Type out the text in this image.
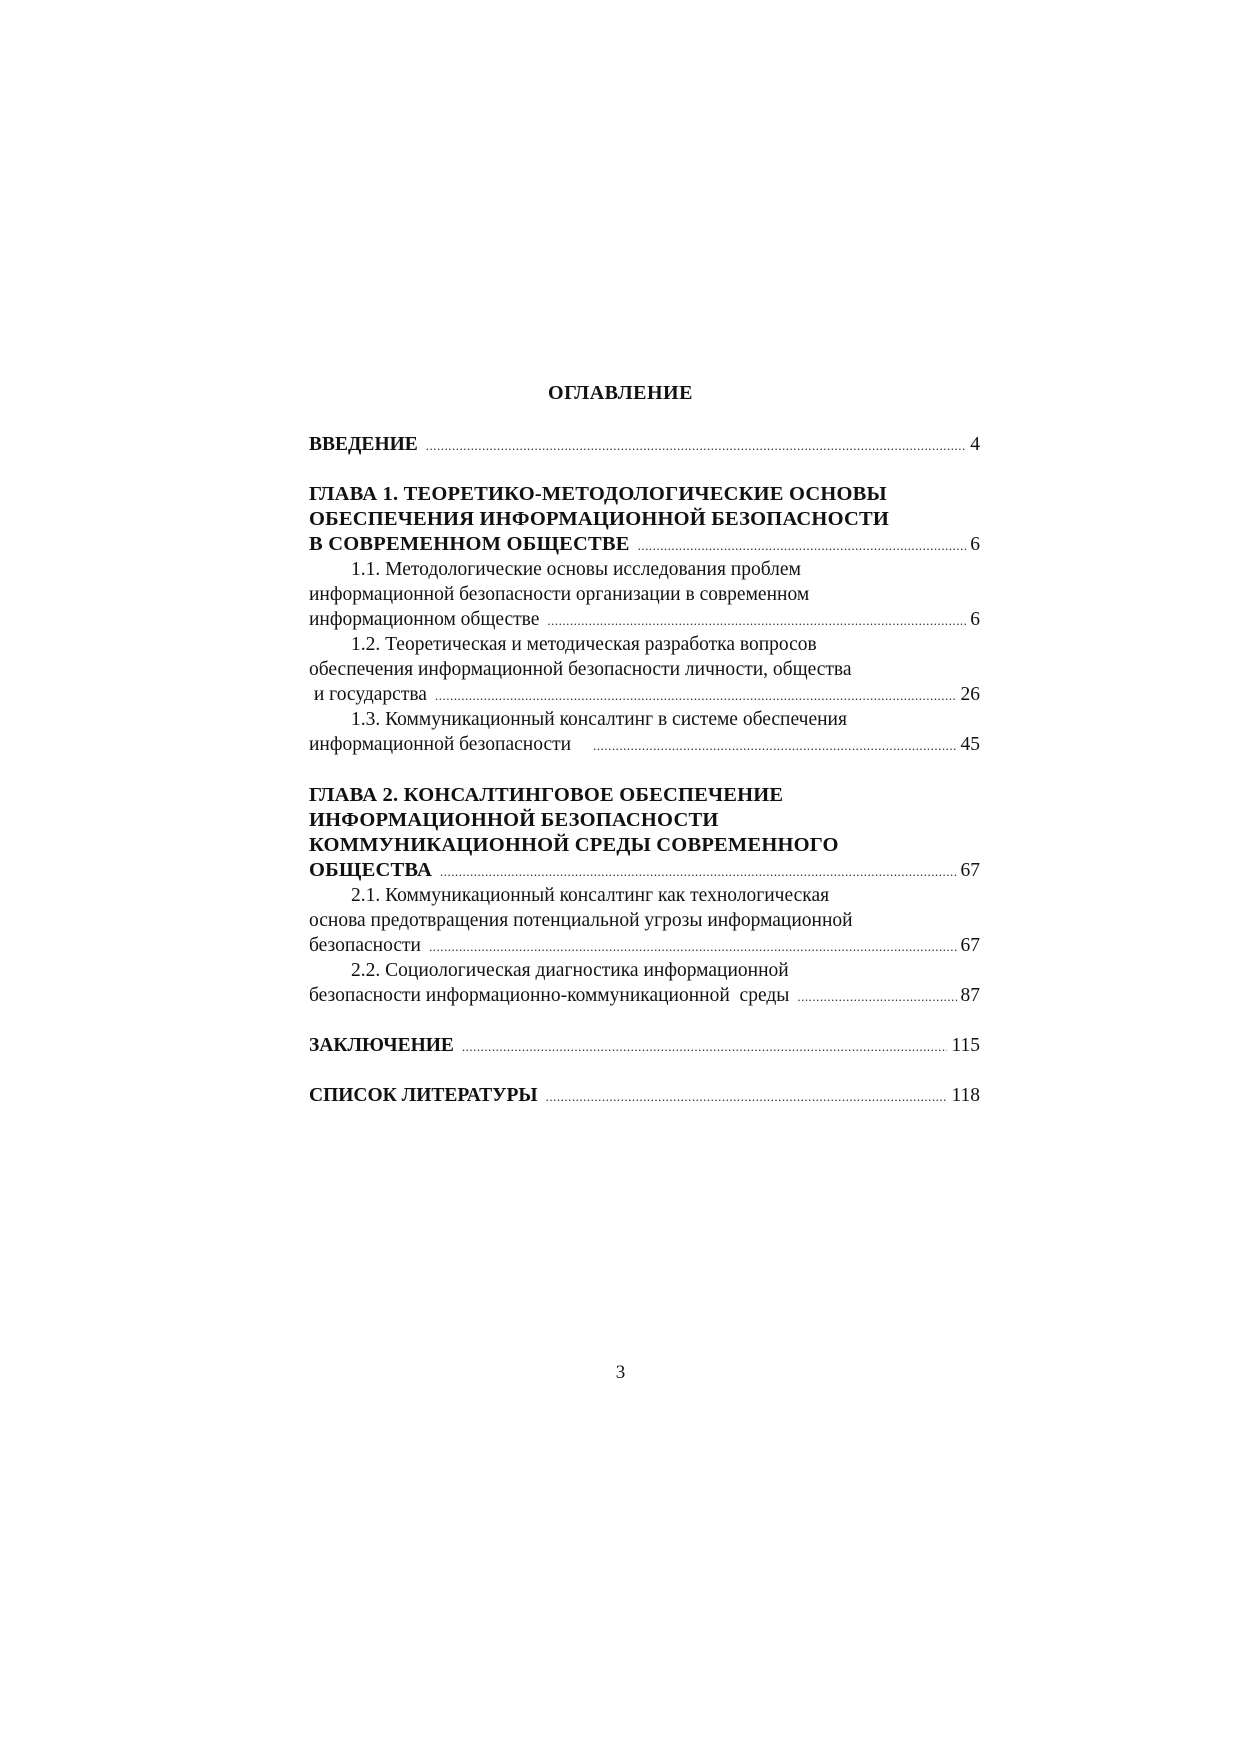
ОГЛАВЛЕНИЕ
ВВЕДЕНИЕ .....	4
ГЛАВА 1. ТЕОРЕТИКО-МЕТОДОЛОГИЧЕСКИЕ ОСНОВЫ
ОБЕСПЕЧЕНИЯ ИНФОРМАЦИОННОЙ БЕЗОПАСНОСТИ
В СОВРЕМЕННОМ ОБЩЕСТВЕ .....	6
1.1. Методологические основы исследования проблем
информационной безопасности организации в современном
информационном обществе .....	6
1.2. Теоретическая и методическая разработка вопросов
обеспечения информационной безопасности личности, общества
и государства .....	26
1.3. Коммуникационный консалтинг в системе обеспечения
информационной безопасности .....	45
ГЛАВА 2. КОНСАЛТИНГОВОЕ ОБЕСПЕЧЕНИЕ
ИНФОРМАЦИОННОЙ БЕЗОПАСНОСТИ
КОММУНИКАЦИОННОЙ СРЕДЫ СОВРЕМЕННОГО
ОБЩЕСТВА .....	67
2.1. Коммуникационный консалтинг как технологическая
основа предотвращения потенциальной угрозы информационной
безопасности .....	67
2.2. Социологическая диагностика информационной
безопасности информационно-коммуникационной  среды .....	87
ЗАКЛЮЧЕНИЕ .....	115
СПИСОК ЛИТЕРАТУРЫ .....	118
3
